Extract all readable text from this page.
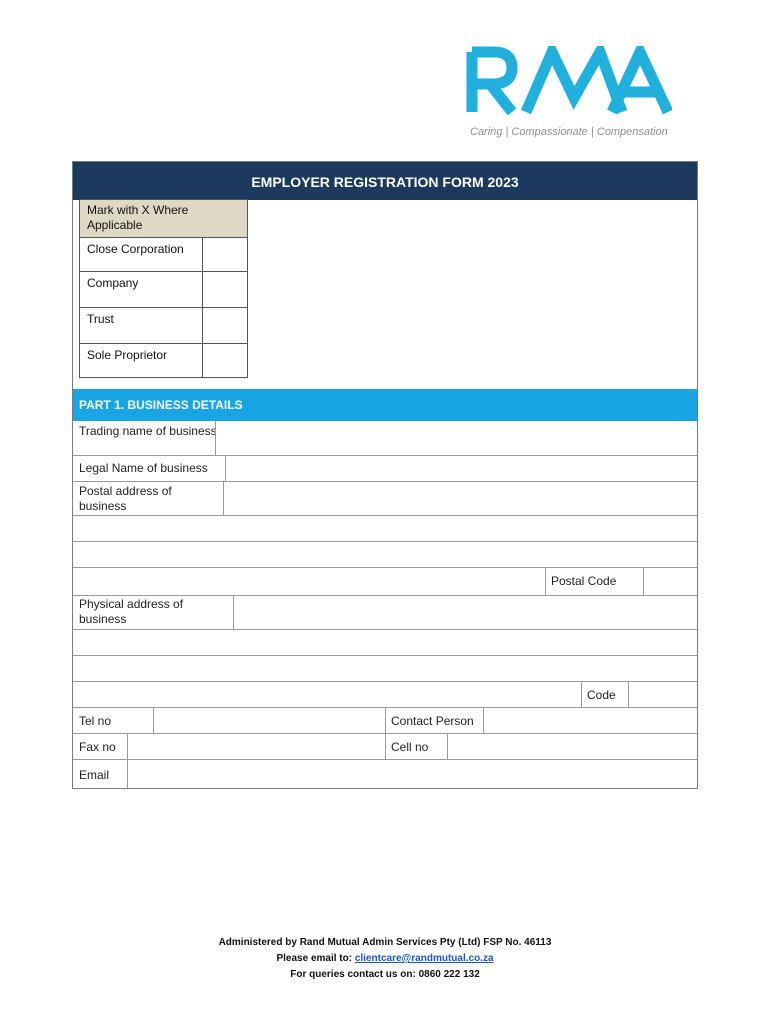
Caring | Compassionate | Compensation
EMPLOYER REGISTRATION FORM 2023
Mark with X Where Applicable
Close Corporation
Company
Trust
Sole Proprietor
PART 1. BUSINESS DETAILS
Trading name of business
Legal Name of business
Postal address of business
Postal Code
Physical address of business
Code
Tel no	Contact Person
Fax no	Cell no
Email
Administered by Rand Mutual Admin Services Pty (Ltd) FSP No. 46113
Please email to: clientcare@randmutual.co.za
For queries contact us on: 0860 222 132
